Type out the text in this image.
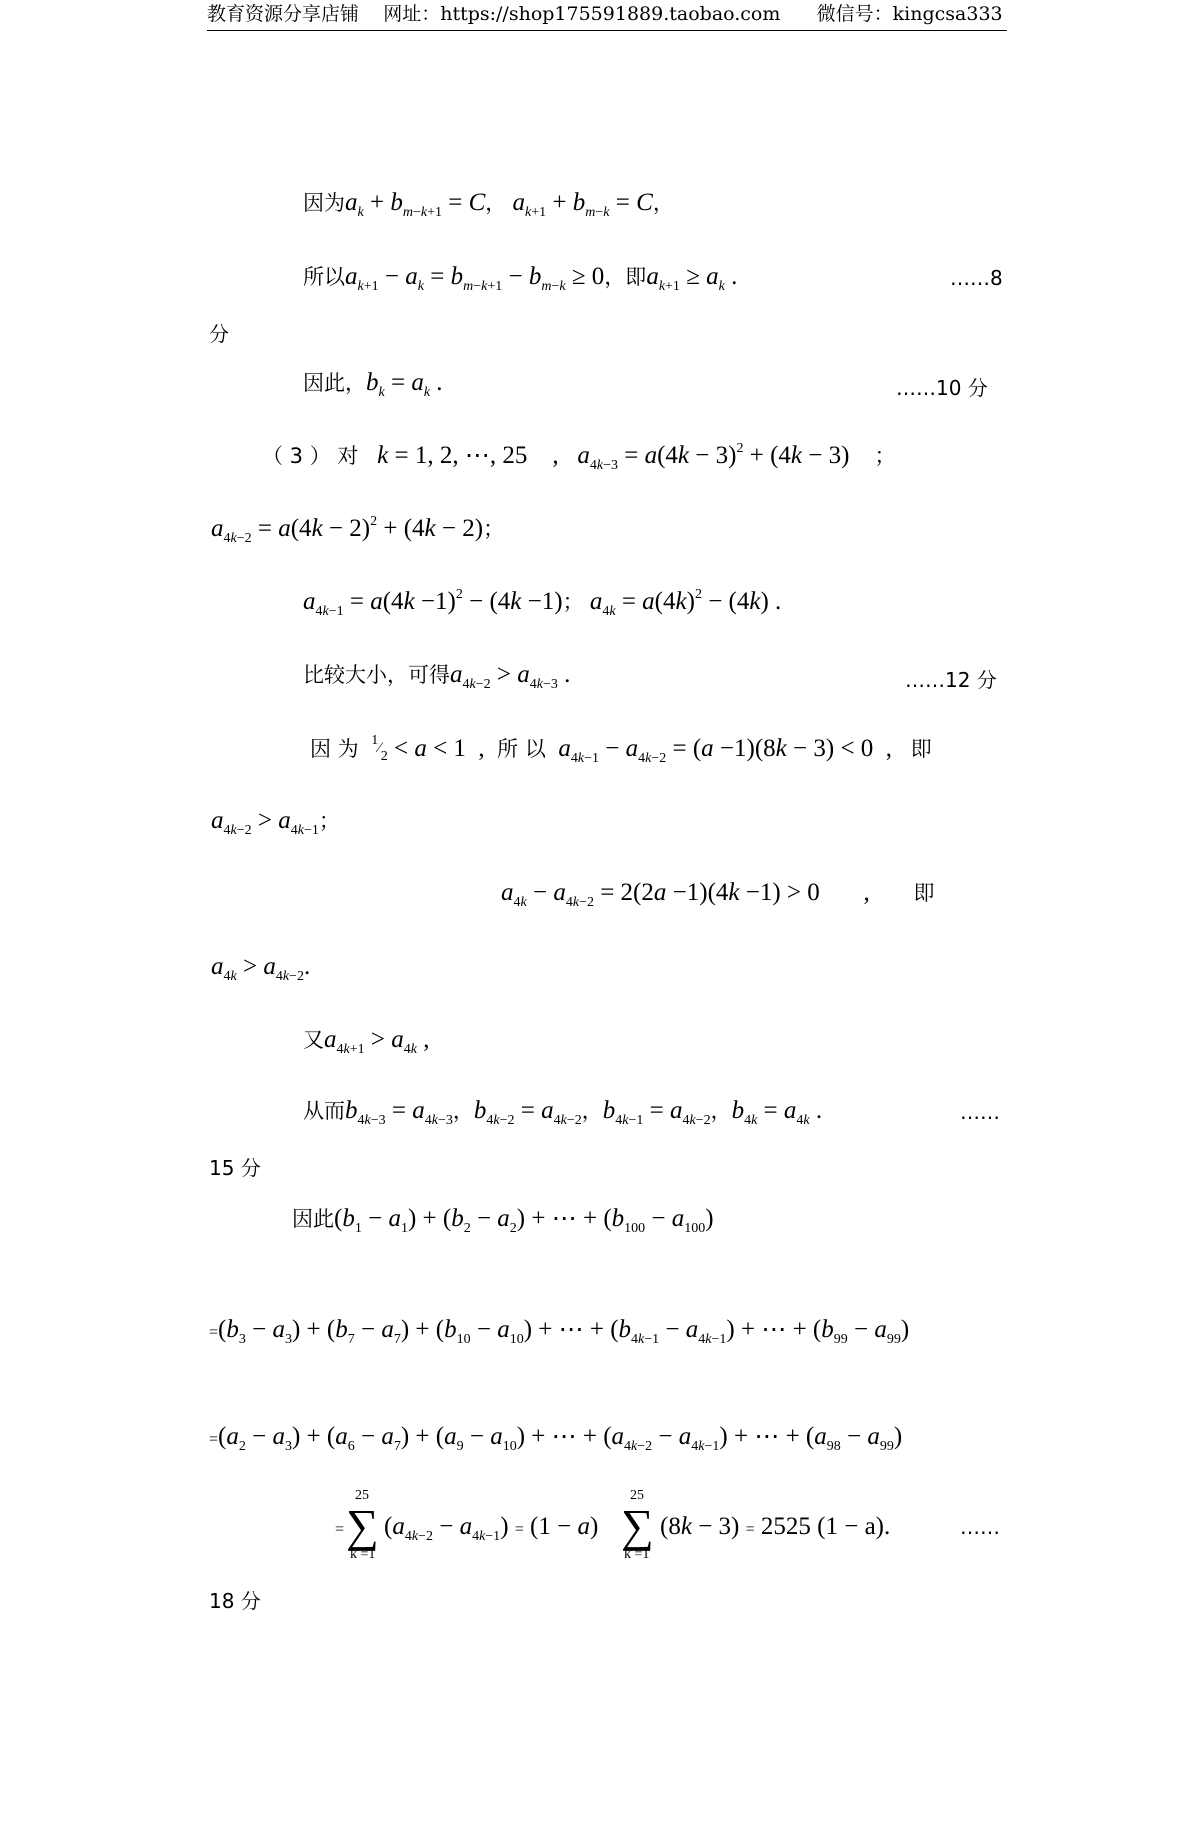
教育资源分享店铺 网址：https://shop175591889.taobao.com 微信号：kingcsa333
因为$a_k + b_{m-k+1} = C$， $a_{k+1} + b_{m-k} = C$，
所以$a_{k+1} - a_k = b_{m-k+1} - b_{m-k} \ge 0$，即$a_{k+1} \ge a_k$ .	……8
分
因此，$b_k = a_k$ .	……10 分
（ 3 ） 对 k = 1, 2, ⋯, 25    ,   $a_{4k-3} = a(4k - 3)^2 + (4k - 3)$    ；
$a_{4k-2} = a(4k - 2)^2 + (4k - 2)$；
$a_{4k-1} = a(4k -1)^2 - (4k -1)$； $a_{4k} = a(4k)^2 - (4k)$ .
比较大小，可得$a_{4k-2} > a_{4k-3}$ .	……12 分
因 为 $^1⁄_2 < a < 1$  ,  所 以 $a_{4k-1} - a_{4k-2} = (a -1)(8k - 3) < 0$  ,   即
$a_{4k-2} > a_{4k-1}$；
$a_{4k} - a_{4k-2} = 2(2a -1)(4k -1) > 0$       ,       即
$a_{4k} > a_{4k-2}$.
又$a_{4k+1} > a_{4k}$ ,
从而$b_{4k-3} = a_{4k-3}$，$b_{4k-2} = a_{4k-2}$，$b_{4k-1} = a_{4k-2}$，$b_{4k} = a_{4k}$ .	……
15 分
因此$(b_1 - a_1) + (b_2 - a_2)$ + ⋯ + $(b_{100} - a_{100})$
$=(b_3 - a_3) + (b_7 - a_7) + (b_{10} - a_{10})$ + ⋯ + $(b_{4k-1} - a_{4k-1})$ + ⋯ + $(b_{99} - a_{99})$
$=(a_2 - a_3) + (a_6 - a_7) + (a_9 - a_{10})$ + ⋯ + $(a_{4k-2} - a_{4k-1})$ + ⋯ + $(a_{98} - a_{99})$
25
∑
k =1
= $(a_{4k-2} - a_{4k-1}) = (1 - a)$
25
∑
k =1
(8k − 3) = 2525 (1 − a).	……
18 分
